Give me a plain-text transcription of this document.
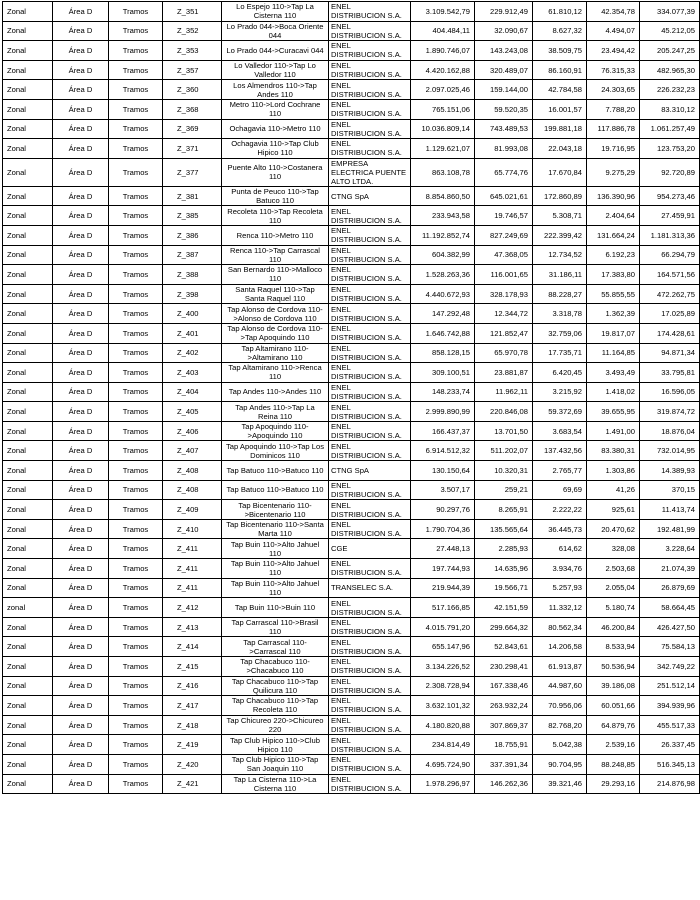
Zonal	Área D	Tramos	Z_351	Lo Espejo 110->Tap La Cisterna 110	ENEL DISTRIBUCION S.A.	3.109.542,79	229.912,49	61.810,12	42.354,78	334.077,39
Zonal	Área D	Tramos	Z_352	Lo Prado 044->Boca Oriente 044	ENEL DISTRIBUCION S.A.	404.484,11	32.090,67	8.627,32	4.494,07	45.212,05
Zonal	Área D	Tramos	Z_353	Lo Prado 044->Curacavi 044	ENEL DISTRIBUCION S.A.	1.890.746,07	143.243,08	38.509,75	23.494,42	205.247,25
Zonal	Área D	Tramos	Z_357	Lo Valledor 110->Tap Lo Valledor 110	ENEL DISTRIBUCION S.A.	4.420.162,88	320.489,07	86.160,91	76.315,33	482.965,30
Zonal	Área D	Tramos	Z_360	Los Almendros 110->Tap Andes 110	ENEL DISTRIBUCION S.A.	2.097.025,46	159.144,00	42.784,58	24.303,65	226.232,23
Zonal	Área D	Tramos	Z_368	Metro 110->Lord Cochrane 110	ENEL DISTRIBUCION S.A.	765.151,06	59.520,35	16.001,57	7.788,20	83.310,12
Zonal	Área D	Tramos	Z_369	Ochagavia 110->Metro 110	ENEL DISTRIBUCION S.A.	10.036.809,14	743.489,53	199.881,18	117.886,78	1.061.257,49
Zonal	Área D	Tramos	Z_371	Ochagavia 110->Tap Club Hipico 110	ENEL DISTRIBUCION S.A.	1.129.621,07	81.993,08	22.043,18	19.716,95	123.753,20
Zonal	Área D	Tramos	Z_377	Puente Alto 110->Costanera 110	EMPRESA ELECTRICA PUENTE ALTO LTDA.	863.108,78	65.774,76	17.670,84	9.275,29	92.720,89
Zonal	Área D	Tramos	Z_381	Punta de Peuco 110->Tap Batuco 110	CTNG SpA	8.854.860,50	645.021,61	172.860,89	136.390,96	954.273,46
Zonal	Área D	Tramos	Z_385	Recoleta 110->Tap Recoleta 110	ENEL DISTRIBUCION S.A.	233.943,58	19.746,57	5.308,71	2.404,64	27.459,91
Zonal	Área D	Tramos	Z_386	Renca 110->Metro 110	ENEL DISTRIBUCION S.A.	11.192.852,74	827.249,69	222.399,42	131.664,24	1.181.313,36
Zonal	Área D	Tramos	Z_387	Renca 110->Tap Carrascal 110	ENEL DISTRIBUCION S.A.	604.382,99	47.368,05	12.734,52	6.192,23	66.294,79
Zonal	Área D	Tramos	Z_388	San Bernardo 110->Malloco 110	ENEL DISTRIBUCION S.A.	1.528.263,36	116.001,65	31.186,11	17.383,80	164.571,56
Zonal	Área D	Tramos	Z_398	Santa Raquel 110->Tap Santa Raquel 110	ENEL DISTRIBUCION S.A.	4.440.672,93	328.178,93	88.228,27	55.855,55	472.262,75
Zonal	Área D	Tramos	Z_400	Tap Alonso de Cordova 110->Alonso de Cordova 110	ENEL DISTRIBUCION S.A.	147.292,48	12.344,72	3.318,78	1.362,39	17.025,89
Zonal	Área D	Tramos	Z_401	Tap Alonso de Cordova 110->Tap Apoquindo 110	ENEL DISTRIBUCION S.A.	1.646.742,88	121.852,47	32.759,06	19.817,07	174.428,61
Zonal	Área D	Tramos	Z_402	Tap Altamirano 110->Altamirano 110	ENEL DISTRIBUCION S.A.	858.128,15	65.970,78	17.735,71	11.164,85	94.871,34
Zonal	Área D	Tramos	Z_403	Tap Altamirano 110->Renca 110	ENEL DISTRIBUCION S.A.	309.100,51	23.881,87	6.420,45	3.493,49	33.795,81
Zonal	Área D	Tramos	Z_404	Tap Andes 110->Andes 110	ENEL DISTRIBUCION S.A.	148.233,74	11.962,11	3.215,92	1.418,02	16.596,05
Zonal	Área D	Tramos	Z_405	Tap Andes 110->Tap La Reina 110	ENEL DISTRIBUCION S.A.	2.999.890,99	220.846,08	59.372,69	39.655,95	319.874,72
Zonal	Área D	Tramos	Z_406	Tap Apoquindo 110->Apoquindo 110	ENEL DISTRIBUCION S.A.	166.437,37	13.701,50	3.683,54	1.491,00	18.876,04
Zonal	Área D	Tramos	Z_407	Tap Apoquindo 110->Tap Los Dominicos 110	ENEL DISTRIBUCION S.A.	6.914.512,32	511.202,07	137.432,56	83.380,31	732.014,95
Zonal	Área D	Tramos	Z_408	Tap Batuco 110->Batuco 110	CTNG SpA	130.150,64	10.320,31	2.765,77	1.303,86	14.389,93
Zonal	Área D	Tramos	Z_408	Tap Batuco 110->Batuco 110	ENEL DISTRIBUCION S.A.	3.507,17	259,21	69,69	41,26	370,15
Zonal	Área D	Tramos	Z_409	Tap Bicentenario 110->Bicentenario 110	ENEL DISTRIBUCION S.A.	90.297,76	8.265,91	2.222,22	925,61	11.413,74
Zonal	Área D	Tramos	Z_410	Tap Bicentenario 110->Santa Marta 110	ENEL DISTRIBUCION S.A.	1.790.704,36	135.565,64	36.445,73	20.470,62	192.481,99
Zonal	Área D	Tramos	Z_411	Tap Buin 110->Alto Jahuel 110	CGE	27.448,13	2.285,93	614,62	328,08	3.228,64
Zonal	Área D	Tramos	Z_411	Tap Buin 110->Alto Jahuel 110	ENEL DISTRIBUCION S.A.	197.744,93	14.635,96	3.934,76	2.503,68	21.074,39
Zonal	Área D	Tramos	Z_411	Tap Buin 110->Alto Jahuel 110	TRANSELEC S.A.	219.944,39	19.566,71	5.257,93	2.055,04	26.879,69
zonal	Área D	Tramos	Z_412	Tap Buin 110->Buin 110	ENEL DISTRIBUCION S.A.	517.166,85	42.151,59	11.332,12	5.180,74	58.664,45
Zonal	Área D	Tramos	Z_413	Tap Carrascal 110->Brasil 110	ENEL DISTRIBUCION S.A.	4.015.791,20	299.664,32	80.562,34	46.200,84	426.427,50
Zonal	Área D	Tramos	Z_414	Tap Carrascal 110->Carrascal 110	ENEL DISTRIBUCION S.A.	655.147,96	52.843,61	14.206,58	8.533,94	75.584,13
Zonal	Área D	Tramos	Z_415	Tap Chacabuco 110->Chacabuco 110	ENEL DISTRIBUCION S.A.	3.134.226,52	230.298,41	61.913,87	50.536,94	342.749,22
Zonal	Área D	Tramos	Z_416	Tap Chacabuco 110->Tap Quilicura 110	ENEL DISTRIBUCION S.A.	2.308.728,94	167.338,46	44.987,60	39.186,08	251.512,14
Zonal	Área D	Tramos	Z_417	Tap Chacabuco 110->Tap Recoleta 110	ENEL DISTRIBUCION S.A.	3.632.101,32	263.932,24	70.956,06	60.051,66	394.939,96
Zonal	Área D	Tramos	Z_418	Tap Chicureo 220->Chicureo 220	ENEL DISTRIBUCION S.A.	4.180.820,88	307.869,37	82.768,20	64.879,76	455.517,33
Zonal	Área D	Tramos	Z_419	Tap Club Hipico 110->Club Hipico 110	ENEL DISTRIBUCION S.A.	234.814,49	18.755,91	5.042,38	2.539,16	26.337,45
Zonal	Área D	Tramos	Z_420	Tap Club Hipico 110->Tap San Joaquin 110	ENEL DISTRIBUCION S.A.	4.695.724,90	337.391,34	90.704,95	88.248,85	516.345,13
Zonal	Área D	Tramos	Z_421	Tap La Cisterna 110->La Cisterna 110	ENEL DISTRIBUCION S.A.	1.978.296,97	146.262,36	39.321,46	29.293,16	214.876,98
